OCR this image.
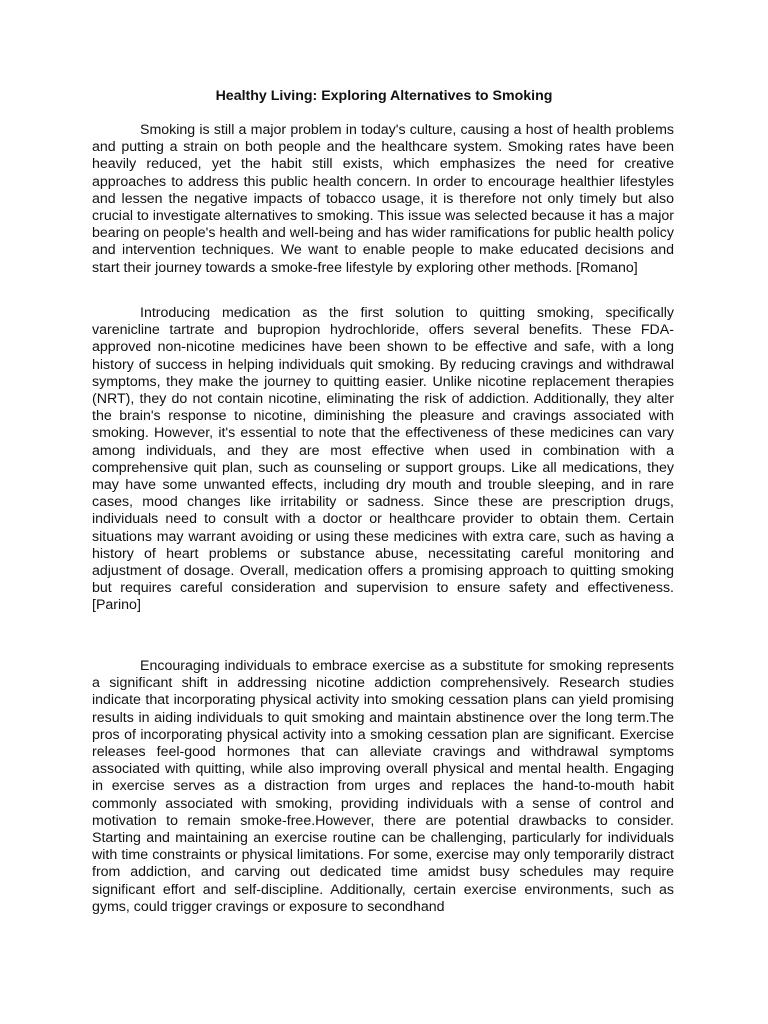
Healthy Living: Exploring Alternatives to Smoking

Smoking is still a major problem in today's culture, causing a host of health problems and putting a strain on both people and the healthcare system. Smoking rates have been heavily reduced, yet the habit still exists, which emphasizes the need for creative approaches to address this public health concern. In order to encourage healthier lifestyles and lessen the negative impacts of tobacco usage, it is therefore not only timely but also crucial to investigate alternatives to smoking. This issue was selected because it has a major bearing on people's health and well-being and has wider ramifications for public health policy and intervention techniques. We want to enable people to make educated decisions and start their journey towards a smoke-free lifestyle by exploring other methods. [Romano]

Introducing medication as the first solution to quitting smoking, specifically varenicline tartrate and bupropion hydrochloride, offers several benefits. These FDA-approved non-nicotine medicines have been shown to be effective and safe, with a long history of success in helping individuals quit smoking. By reducing cravings and withdrawal symptoms, they make the journey to quitting easier. Unlike nicotine replacement therapies (NRT), they do not contain nicotine, eliminating the risk of addiction. Additionally, they alter the brain's response to nicotine, diminishing the pleasure and cravings associated with smoking. However, it's essential to note that the effectiveness of these medicines can vary among individuals, and they are most effective when used in combination with a comprehensive quit plan, such as counseling or support groups. Like all medications, they may have some unwanted effects, including dry mouth and trouble sleeping, and in rare cases, mood changes like irritability or sadness. Since these are prescription drugs, individuals need to consult with a doctor or healthcare provider to obtain them. Certain situations may warrant avoiding or using these medicines with extra care, such as having a history of heart problems or substance abuse, necessitating careful monitoring and adjustment of dosage. Overall, medication offers a promising approach to quitting smoking but requires careful consideration and supervision to ensure safety and effectiveness. [Parino]

Encouraging individuals to embrace exercise as a substitute for smoking represents a significant shift in addressing nicotine addiction comprehensively. Research studies indicate that incorporating physical activity into smoking cessation plans can yield promising results in aiding individuals to quit smoking and maintain abstinence over the long term.The pros of incorporating physical activity into a smoking cessation plan are significant. Exercise releases feel-good hormones that can alleviate cravings and withdrawal symptoms associated with quitting, while also improving overall physical and mental health. Engaging in exercise serves as a distraction from urges and replaces the hand-to-mouth habit commonly associated with smoking, providing individuals with a sense of control and motivation to remain smoke-free.However, there are potential drawbacks to consider. Starting and maintaining an exercise routine can be challenging, particularly for individuals with time constraints or physical limitations. For some, exercise may only temporarily distract from addiction, and carving out dedicated time amidst busy schedules may require significant effort and self-discipline. Additionally, certain exercise environments, such as gyms, could trigger cravings or exposure to secondhand
